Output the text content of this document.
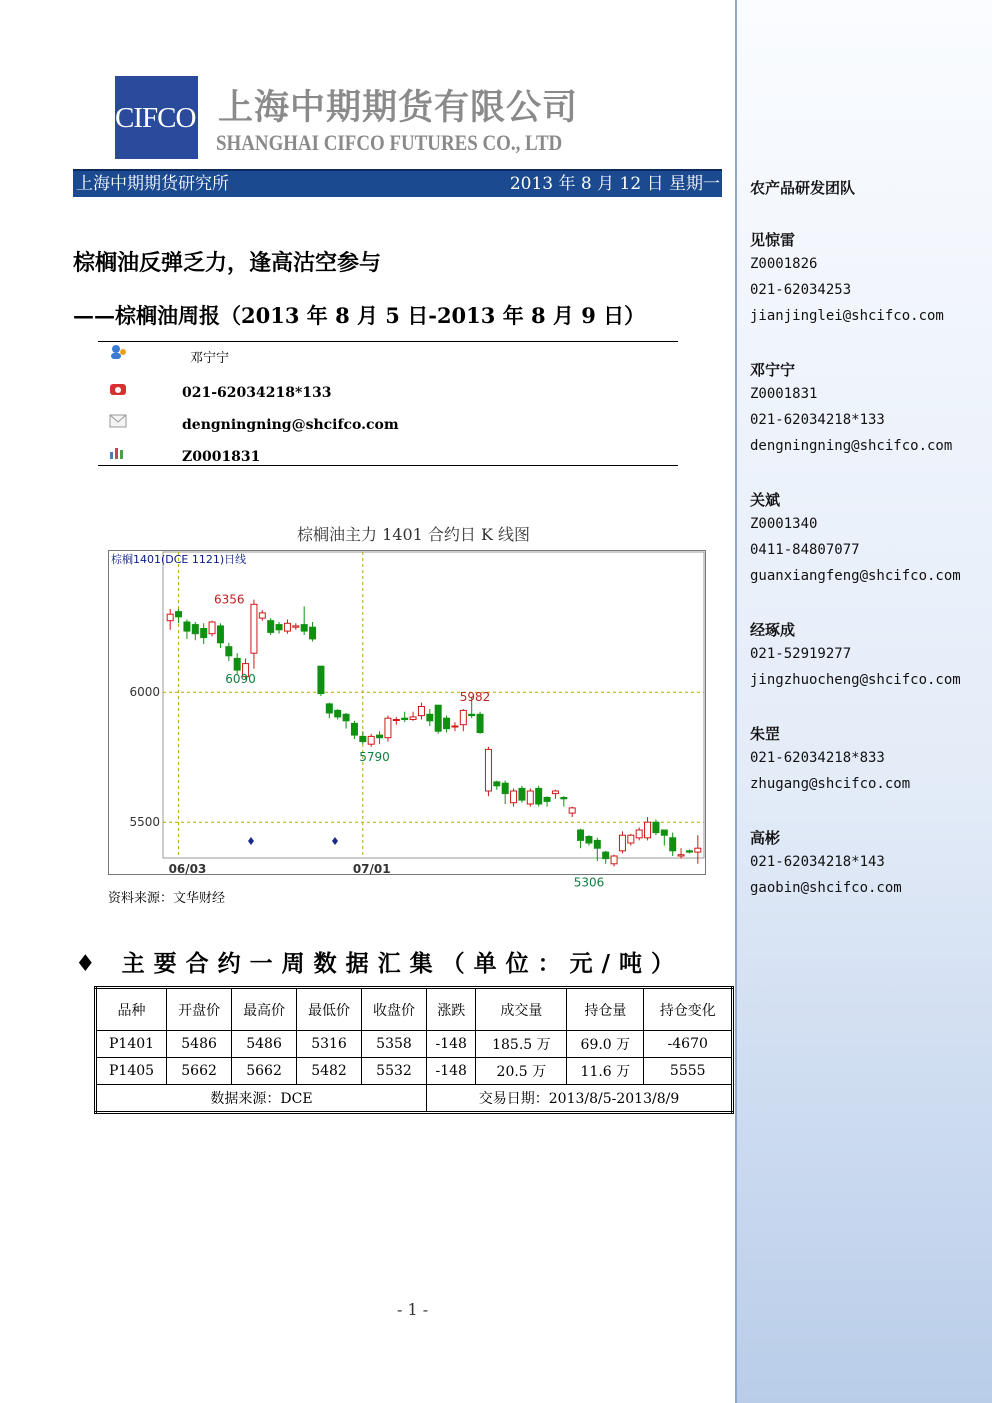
CIFCO 上海中期期货有限公司
SHANGHAI CIFCO FUTURES CO., LTD
上海中期期货研究所	2013 年 8 月 12 日 星期一
棕榈油反弹乏力，逢高沽空参与
——棕榈油周报（2013 年 8 月 5 日-2013 年 8 月 9 日）
邓宁宁
021-62034218*133
dengningning@shcifco.com
Z0001831
棕榈油主力 1401 合约日 K 线图
棕榈1401(DCE 1121)日线
6000
5500
06/03	07/01
6356
6090
5982
5790
5306
资料来源：文华财经
♦ 主要合约一周数据汇集（单位：元/吨）
品种	开盘价	最高价	最低价	收盘价	涨跌	成交量	持仓量	持仓变化
P1401	5486	5486	5316	5358	-148	185.5 万	69.0 万	-4670
P1405	5662	5662	5482	5532	-148	20.5 万	11.6 万	5555
数据来源：DCE					交易日期：2013/8/5-2013/8/9			
- 1 -
农产品研发团队
见惊雷
Z0001826
021-62034253
jianjinglei@shcifco.com
邓宁宁
Z0001831
021-62034218*133
dengningning@shcifco.com
关斌
Z0001340
0411-84807077
guanxiangfeng@shcifco.com
经琢成
021-52919277
jingzhuocheng@shcifco.com
朱罡
021-62034218*833
zhugang@shcifco.com
高彬
021-62034218*143
gaobin@shcifco.com
